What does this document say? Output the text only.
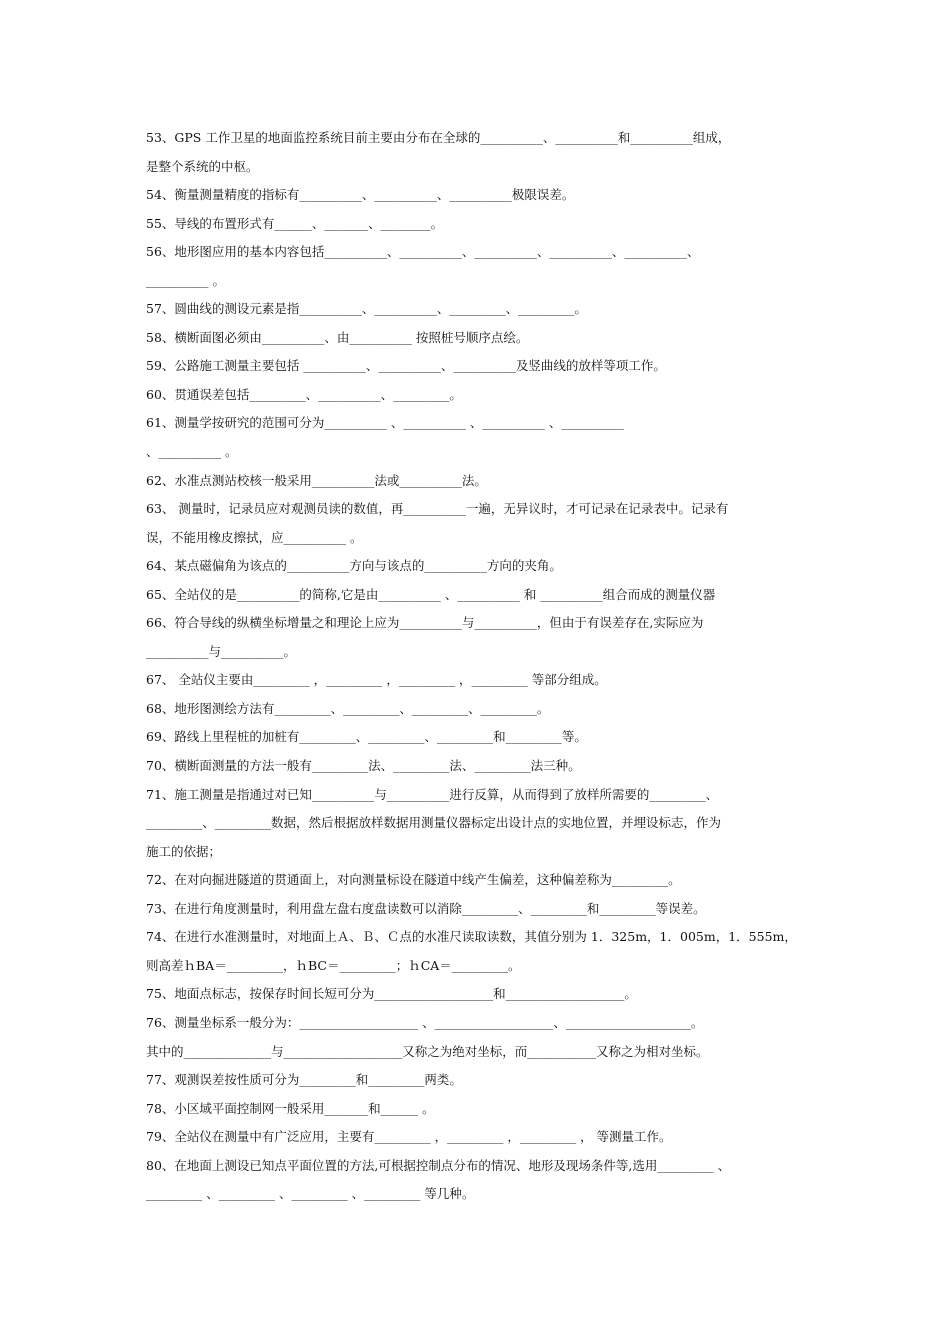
53、GPS 工作卫星的地面监控系统目前主要由分布在全球的__________、__________和__________组成，
是整个系统的中枢。
54、衡量测量精度的指标有__________、__________、__________极限误差。
55、导线的布置形式有______、_______、________。
56、地形图应用的基本内容包括__________、__________、__________、__________、__________、
__________ 。
57、圆曲线的测设元素是指__________、__________、_________、_________。
58、横断面图必须由__________、由__________ 按照桩号顺序点绘。
59、公路施工测量主要包括 __________、__________、__________及竖曲线的放样等项工作。
60、贯通误差包括_________、__________、_________。
61、测量学按研究的范围可分为__________ 、__________ 、__________ 、__________
、__________ 。
62、水准点测站校核一般采用__________法或__________法。
63、 测量时，记录员应对观测员读的数值，再__________一遍，无异议时，才可记录在记录表中。记录有
误，不能用橡皮擦拭，应__________ 。
64、某点磁偏角为该点的__________方向与该点的__________方向的夹角。
65、全站仪的是__________的简称,它是由__________ 、__________ 和 __________组合而成的测量仪器
66、符合导线的纵横坐标增量之和理论上应为__________与__________，但由于有误差存在,实际应为
__________与__________。
67、 全站仪主要由_________ ，_________ ，_________ ，_________ 等部分组成。
68、地形图测绘方法有_________、_________、_________、_________。
69、路线上里程桩的加桩有_________、_________、_________和_________等。
70、横断面测量的方法一般有_________法、_________法、_________法三种。
71、施工测量是指通过对已知__________与__________进行反算，从而得到了放样所需要的_________、
_________、_________数据，然后根据放样数据用测量仪器标定出设计点的实地位置，并埋设标志，作为
施工的依据；
72、在对向掘进隧道的贯通面上，对向测量标设在隧道中线产生偏差，这种偏差称为_________。
73、在进行角度测量时，利用盘左盘右度盘读数可以消除_________、_________和_________等误差。
74、在进行水准测量时，对地面上Ａ、Ｂ、Ｃ点的水准尺读取读数，其值分别为 1．325m，1．005m，1．555m，
则高差ｈBA＝_________，ｈBC＝_________；ｈCA＝_________。
75、地面点标志，按保存时间长短可分为___________________和___________________。
76、测量坐标系一般分为：___________________ 、___________________、____________________。
其中的______________与___________________又称之为绝对坐标，而___________又称之为相对坐标。
77、观测误差按性质可分为_________和_________两类。
78、小区域平面控制网一般采用_______和______ 。
79、全站仪在测量中有广泛应用，主要有_________ ，_________ ，_________ ， 等测量工作。
80、在地面上测设已知点平面位置的方法,可根据控制点分布的情况、地形及现场条件等,选用_________ 、
_________ 、_________ 、_________ 、_________ 等几种。
